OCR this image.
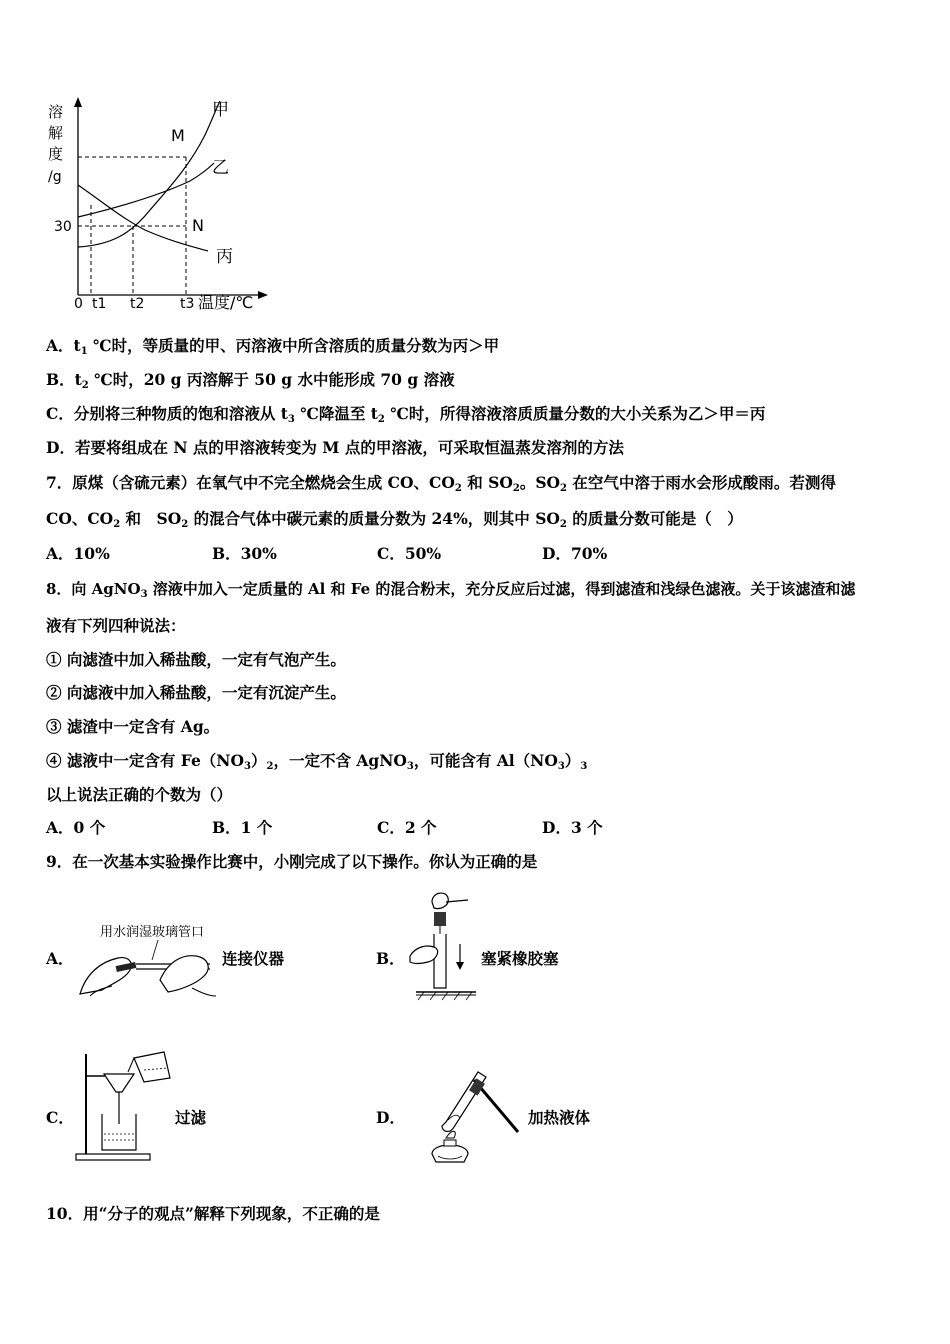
溶
解
度
/g
30
甲
乙
丙
M
N
0 t1 t2	t3 温度/℃
A．$t_1$ ℃时，等质量的甲、丙溶液中所含溶质的质量分数为丙＞甲
B．$t_2$ ℃时，20 g 丙溶解于 50 g 水中能形成 70 g 溶液
C．分别将三种物质的饱和溶液从 $t_3$ ℃降温至 $t_2$ ℃时，所得溶液溶质质量分数的大小关系为乙＞甲＝丙
D．若要将组成在 N 点的甲溶液转变为 M 点的甲溶液，可采取恒温蒸发溶剂的方法
7．原煤（含硫元素）在氧气中不完全燃烧会生成 CO、$CO_2$ 和 $SO_2$。$SO_2$ 在空气中溶于雨水会形成酸雨。若测得
CO、$CO_2$ 和　$SO_2$ 的混合气体中碳元素的质量分数为 24%，则其中 $SO_2$ 的质量分数可能是（　）
A．10%	B．30%	C．50%	D．70%
8．向 AgNO$_3$ 溶液中加入一定质量的 Al 和 Fe 的混合粉末，充分反应后过滤，得到滤渣和浅绿色滤液。关于该滤渣和滤
液有下列四种说法：
① 向滤渣中加入稀盐酸，一定有气泡产生。
② 向滤液中加入稀盐酸，一定有沉淀产生。
③ 滤渣中一定含有 Ag。
④ 滤液中一定含有 $Fe(NO_3)_2$，一定不含 AgNO$_3$，可能含有 $Al(NO_3)_3$
以上说法正确的个数为（）
A．0 个	B．1 个	C．2 个	D．3 个
9．在一次基本实验操作比赛中，小刚完成了以下操作。你认为正确的是
A．
用水润湿玻璃管口
连接仪器	B．	塞紧橡胶塞
C．	过滤	D．	加热液体
10．用“分子的观点”解释下列现象，不正确的是
